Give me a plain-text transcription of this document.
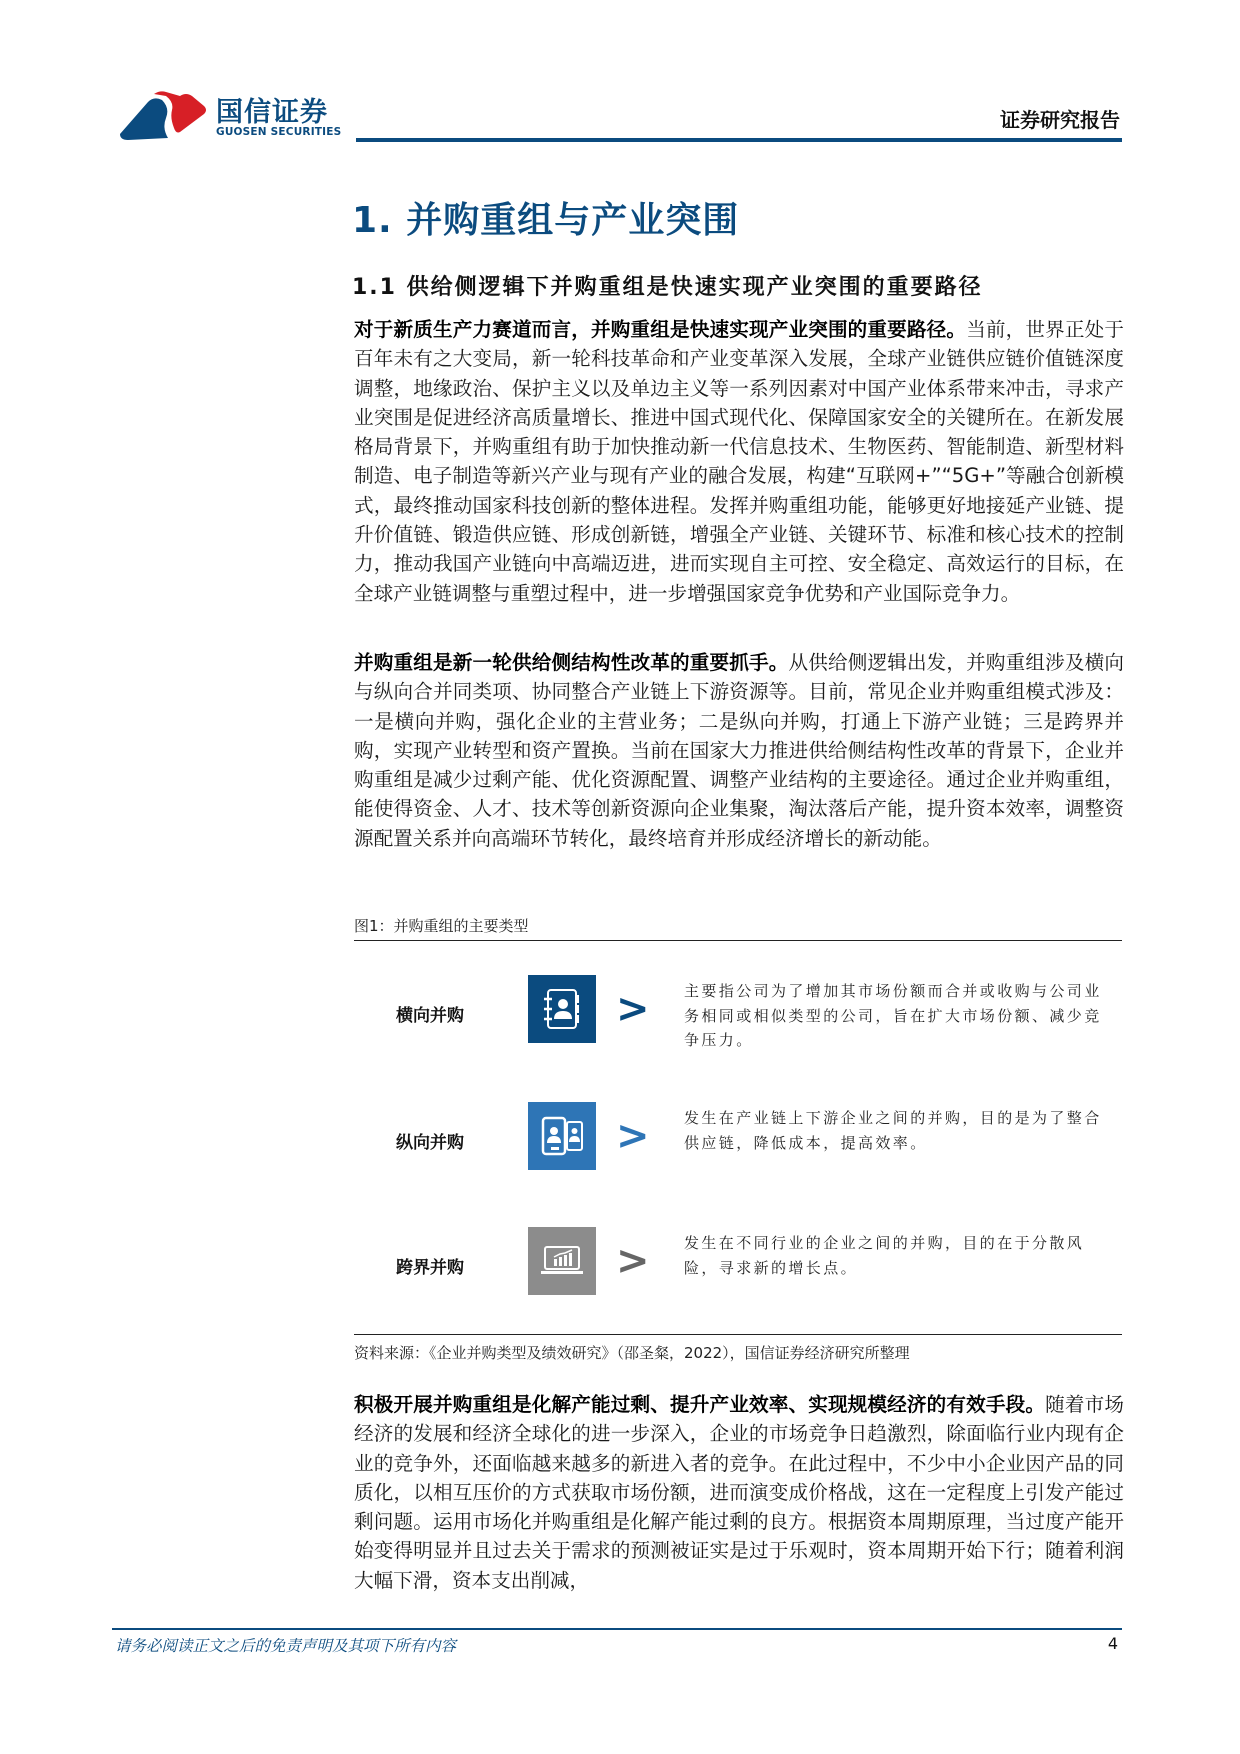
国信证券
GUOSEN SECURITIES	证券研究报告
1. 并购重组与产业突围
1.1 供给侧逻辑下并购重组是快速实现产业突围的重要路径
对于新质生产力赛道而言，并购重组是快速实现产业突围的重要路径。当前，世界正处于百年未有之大变局，新一轮科技革命和产业变革深入发展，全球产业链供应链价值链深度调整，地缘政治、保护主义以及单边主义等一系列因素对中国产业体系带来冲击，寻求产业突围是促进经济高质量增长、推进中国式现代化、保障国家安全的关键所在。在新发展格局背景下，并购重组有助于加快推动新一代信息技术、生物医药、智能制造、新型材料制造、电子制造等新兴产业与现有产业的融合发展，构建“互联网+”“5G+”等融合创新模式，最终推动国家科技创新的整体进程。发挥并购重组功能，能够更好地接延产业链、提升价值链、锻造供应链、形成创新链，增强全产业链、关键环节、标准和核心技术的控制力，推动我国产业链向中高端迈进，进而实现自主可控、安全稳定、高效运行的目标，在全球产业链调整与重塑过程中，进一步增强国家竞争优势和产业国际竞争力。
并购重组是新一轮供给侧结构性改革的重要抓手。从供给侧逻辑出发，并购重组涉及横向与纵向合并同类项、协同整合产业链上下游资源等。目前，常见企业并购重组模式涉及：一是横向并购，强化企业的主营业务；二是纵向并购，打通上下游产业链；三是跨界并购，实现产业转型和资产置换。当前在国家大力推进供给侧结构性改革的背景下，企业并购重组是减少过剩产能、优化资源配置、调整产业结构的主要途径。通过企业并购重组，能使得资金、人才、技术等创新资源向企业集聚，淘汰落后产能，提升资本效率，调整资源配置关系并向高端环节转化，最终培育并形成经济增长的新动能。
图1：并购重组的主要类型
横向并购	> 主要指公司为了增加其市场份额而合并或收购与公司业务相同或相似类型的公司，旨在扩大市场份额、减少竞争压力。
纵向并购	> 发生在产业链上下游企业之间的并购，目的是为了整合供应链，降低成本，提高效率。
跨界并购	> 发生在不同行业的企业之间的并购，目的在于分散风险，寻求新的增长点。
资料来源：《企业并购类型及绩效研究》（邵圣粲，2022），国信证券经济研究所整理
积极开展并购重组是化解产能过剩、提升产业效率、实现规模经济的有效手段。随着市场经济的发展和经济全球化的进一步深入，企业的市场竞争日趋激烈，除面临行业内现有企业的竞争外，还面临越来越多的新进入者的竞争。在此过程中，不少中小企业因产品的同质化，以相互压价的方式获取市场份额，进而演变成价格战，这在一定程度上引发产能过剩问题。运用市场化并购重组是化解产能过剩的良方。根据资本周期原理，当过度产能开始变得明显并且过去关于需求的预测被证实是过于乐观时，资本周期开始下行；随着利润大幅下滑，资本支出削减，
请务必阅读正文之后的免责声明及其项下所有内容	4
